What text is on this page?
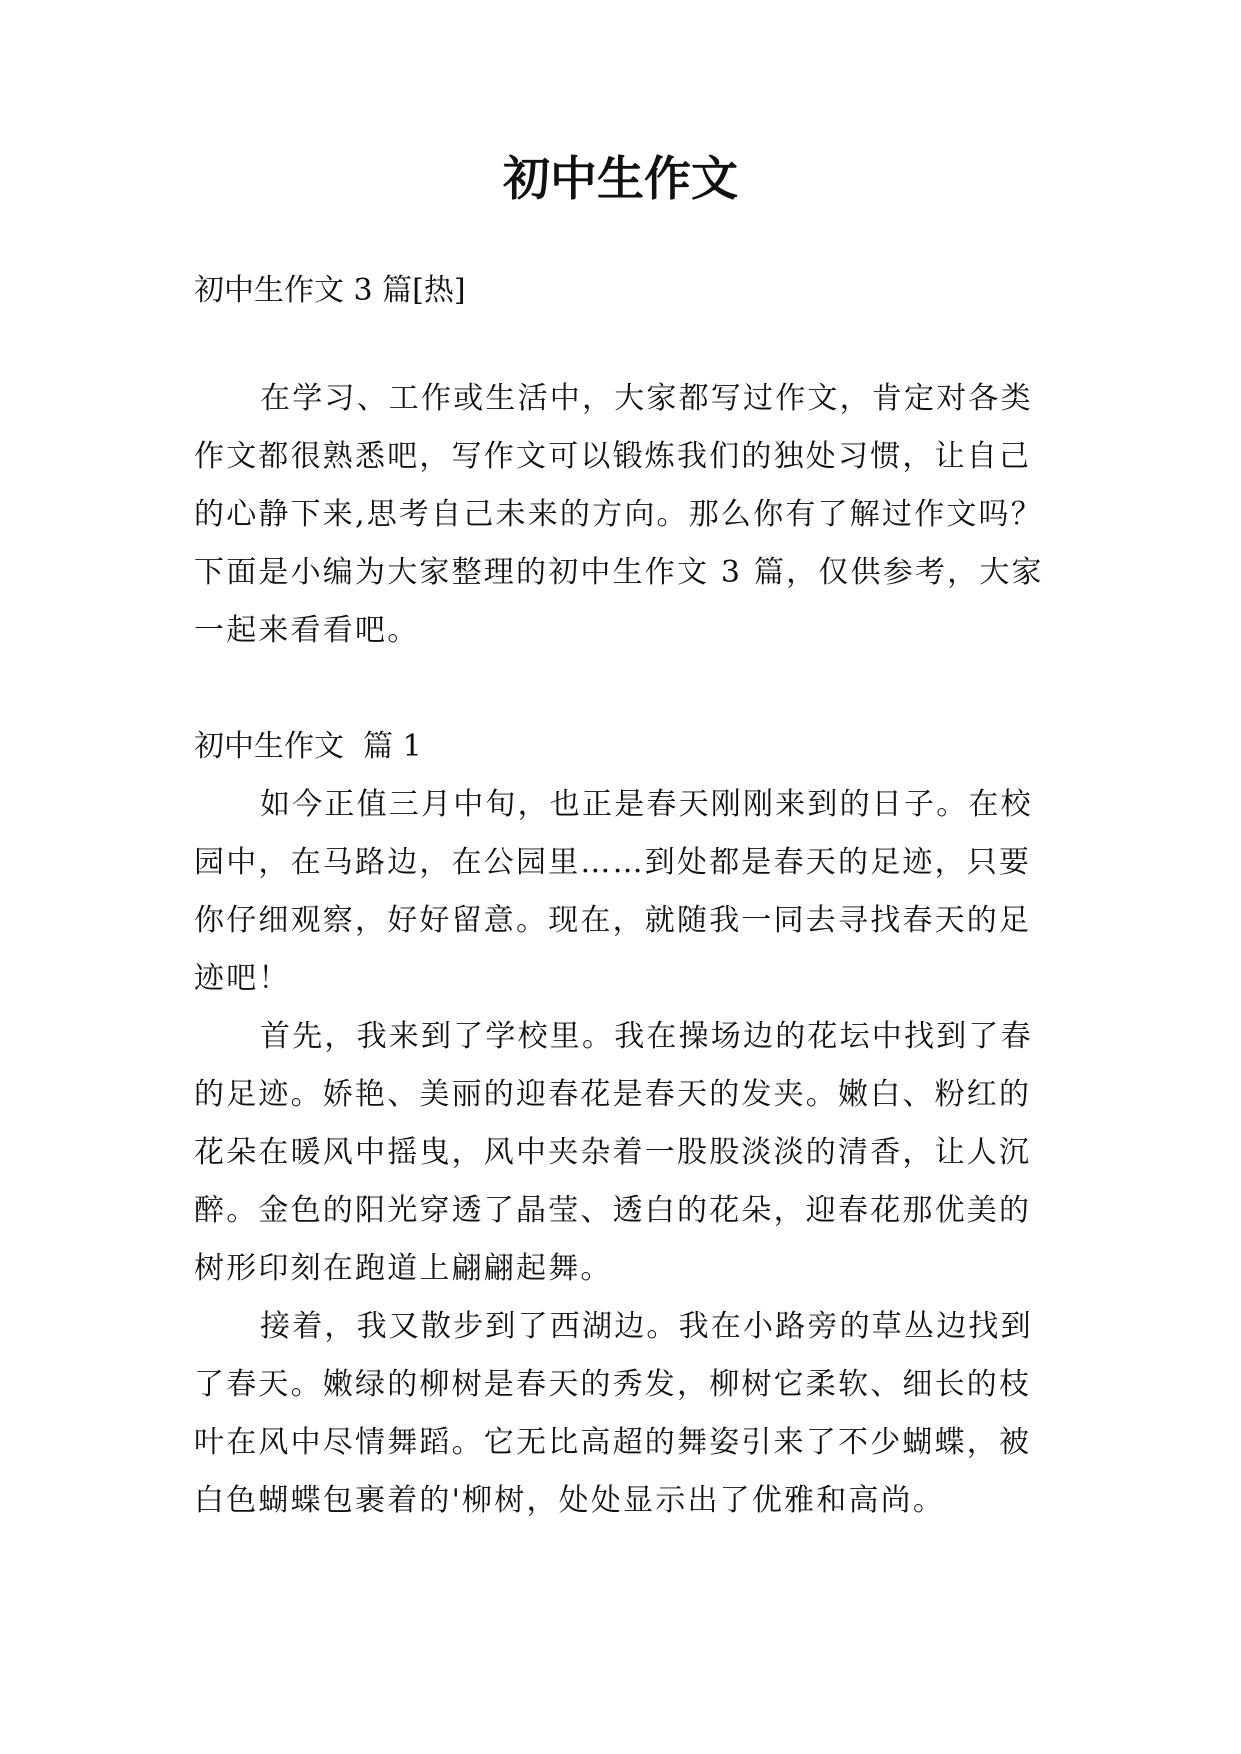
初中生作文

初中生作文 3 篇[热]

在学习、工作或生活中，大家都写过作文，肯定对各类作文都很熟悉吧，写作文可以锻炼我们的独处习惯，让自己的心静下来,思考自己未来的方向。那么你有了解过作文吗？下面是小编为大家整理的初中生作文 3 篇，仅供参考，大家一起来看看吧。

初中生作文  篇 1

如今正值三月中旬，也正是春天刚刚来到的日子。在校园中，在马路边，在公园里……到处都是春天的足迹，只要你仔细观察，好好留意。现在，就随我一同去寻找春天的足迹吧！

首先，我来到了学校里。我在操场边的花坛中找到了春的足迹。娇艳、美丽的迎春花是春天的发夹。嫩白、粉红的花朵在暖风中摇曳，风中夹杂着一股股淡淡的清香，让人沉醉。金色的阳光穿透了晶莹、透白的花朵，迎春花那优美的树形印刻在跑道上翩翩起舞。

接着，我又散步到了西湖边。我在小路旁的草丛边找到了春天。嫩绿的柳树是春天的秀发，柳树它柔软、细长的枝叶在风中尽情舞蹈。它无比高超的舞姿引来了不少蝴蝶，被白色蝴蝶包裹着的'柳树，处处显示出了优雅和高尚。
